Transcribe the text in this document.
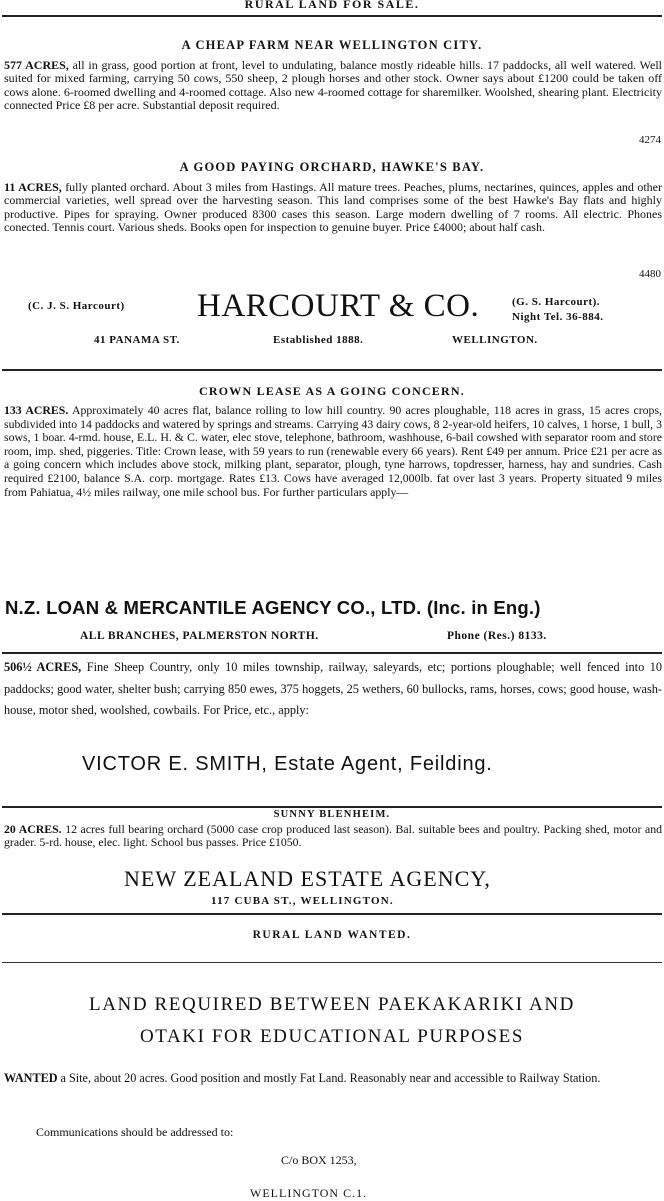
RURAL LAND FOR SALE.
A CHEAP FARM NEAR WELLINGTON CITY.
577 ACRES, all in grass, good portion at front, level to undulating, balance mostly rideable hills. 17 paddocks, all well watered. Well suited for mixed farming, carrying 50 cows, 550 sheep, 2 plough horses and other stock. Owner says about £1200 could be taken off cows alone. 6-roomed dwelling and 4-roomed cottage. Also new 4-roomed cottage for sharemilker. Woolshed, shearing plant. Electricity connected Price £8 per acre. Substantial deposit required.
4274
A GOOD PAYING ORCHARD, HAWKE'S BAY.
11 ACRES, fully planted orchard. About 3 miles from Hastings. All mature trees. Peaches, plums, nectarines, quinces, apples and other commercial varieties, well spread over the harvesting season. This land comprises some of the best Hawke's Bay flats and highly productive. Pipes for spraying. Owner produced 8300 cases this season. Large modern dwelling of 7 rooms. All electric. Phones conected. Tennis court. Various sheds. Books open for inspection to genuine buyer. Price £4000; about half cash.
4480
(C. J. S. Harcourt) HARCOURT & CO.	(G. S. Harcourt).
Night Tel. 36-884.
41 PANAMA ST.	Established 1888.	WELLINGTON.
CROWN LEASE AS A GOING CONCERN.
133 ACRES. Approximately 40 acres flat, balance rolling to low hill country. 90 acres ploughable, 118 acres in grass, 15 acres crops, subdivided into 14 paddocks and watered by springs and streams. Carrying 43 dairy cows, 8 2-year-old heifers, 10 calves, 1 horse, 1 bull, 3 sows, 1 boar. 4-rmd. house, E.L. H. & C. water, elec stove, telephone, bathroom, washhouse, 6-bail cowshed with separator room and store room, imp. shed, piggeries. Title: Crown lease, with 59 years to run (renewable every 66 years). Rent £49 per annum. Price £21 per acre as a going concern which includes above stock, milking plant, separator, plough, tyne harrows, topdresser, harness, hay and sundries. Cash required £2100, balance S.A. corp. mortgage. Rates £13. Cows have averaged 12,000lb. fat over last 3 years. Property situated 9 miles from Pahiatua, 4½ miles railway, one mile school bus. For further particulars apply—
N.Z. LOAN & MERCANTILE AGENCY CO., LTD. (Inc. in Eng.)
ALL BRANCHES, PALMERSTON NORTH.	Phone (Res.) 8133.
506½ ACRES, Fine Sheep Country, only 10 miles township, railway, saleyards, etc; portions ploughable; well fenced into 10 paddocks; good water, shelter bush; carrying 850 ewes, 375 hoggets, 25 wethers, 60 bullocks, rams, horses, cows; good house, wash-house, motor shed, woolshed, cowbails. For Price, etc., apply:
VICTOR E. SMITH, Estate Agent, Feilding.
SUNNY BLENHEIM.
20 ACRES. 12 acres full bearing orchard (5000 case crop produced last season). Bal. suitable bees and poultry. Packing shed, motor and grader. 5-rd. house, elec. light. School bus passes. Price £1050.
NEW ZEALAND ESTATE AGENCY,
117 CUBA ST., WELLINGTON.
RURAL LAND WANTED.
LAND REQUIRED BETWEEN PAEKAKARIKI AND
OTAKI FOR EDUCATIONAL PURPOSES
WANTED a Site, about 20 acres. Good position and mostly Fat Land. Reasonably near and accessible to Railway Station.
Communications should be addressed to:
C/o BOX 1253,
WELLINGTON C.1.
